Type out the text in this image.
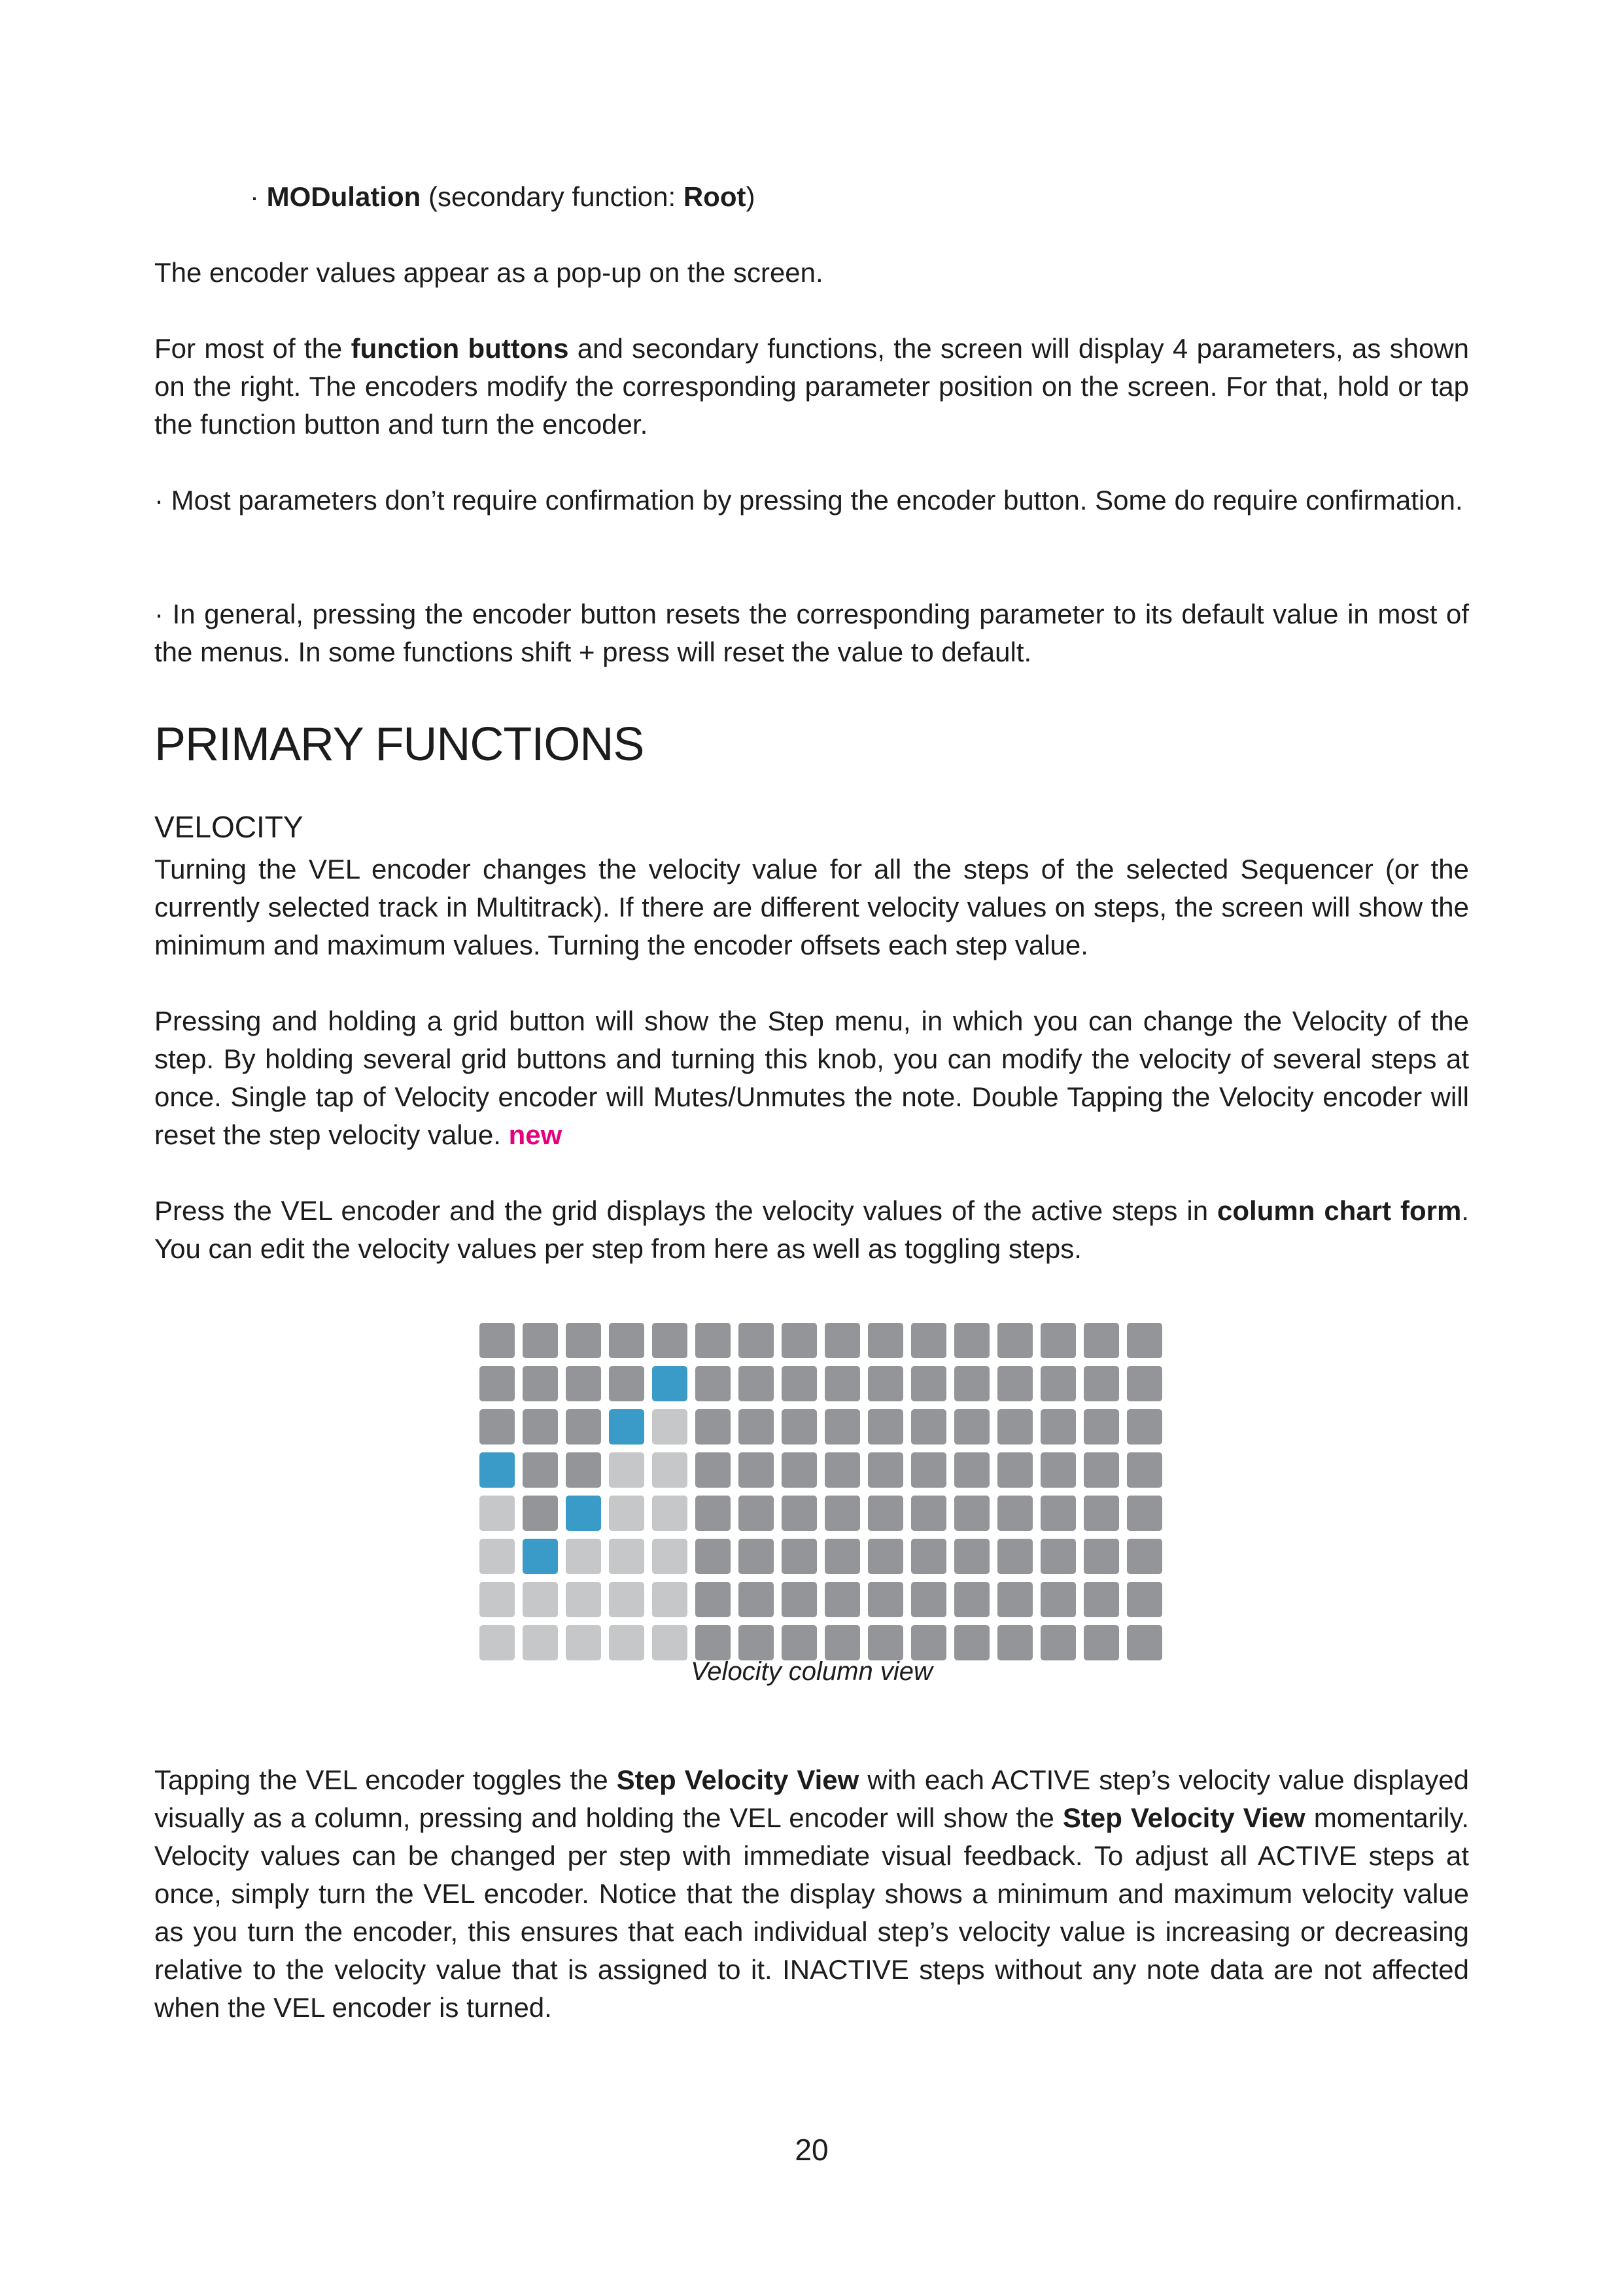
· MODulation (secondary function: Root)

The encoder values appear as a pop-up on the screen.

For most of the function buttons and secondary functions, the screen will display 4 parameters, as shown on the right. The encoders modify the corresponding parameter position on the screen. For that, hold or tap the function button and turn the encoder.

· Most parameters don’t require confirmation by pressing the encoder button. Some do require confirmation.

· In general, pressing the encoder button resets the corresponding parameter to its default value in most of the menus. In some functions shift + press will reset the value to default.

PRIMARY FUNCTIONS
VELOCITY

Turning the VEL encoder changes the velocity value for all the steps of the selected Sequencer (or the currently selected track in Multitrack). If there are different velocity values on steps, the screen will show the minimum and maximum values. Turning the encoder offsets each step value.

Pressing and holding a grid button will show the Step menu, in which you can change the Velocity of the step. By holding several grid buttons and turning this knob, you can modify the velocity of several steps at once. Single tap of Velocity encoder will Mutes/Unmutes the note. Double Tapping the Velocity encoder will reset the step velocity value. new

Press the VEL encoder and the grid displays the velocity values of the active steps in column chart form. You can edit the velocity values per step from here as well as toggling steps.

Velocity column view

Tapping the VEL encoder toggles the Step Velocity View with each ACTIVE step’s velocity value displayed visually as a column, pressing and holding the VEL encoder will show the Step Velocity View momentarily. Velocity values can be changed per step with immediate visual feedback. To adjust all ACTIVE steps at once, simply turn the VEL encoder. Notice that the display shows a minimum and maximum velocity value as you turn the encoder, this ensures that each individual step’s velocity value is increasing or decreasing relative to the velocity value that is assigned to it. INACTIVE steps without any note data are not affected when the VEL encoder is turned.

20
